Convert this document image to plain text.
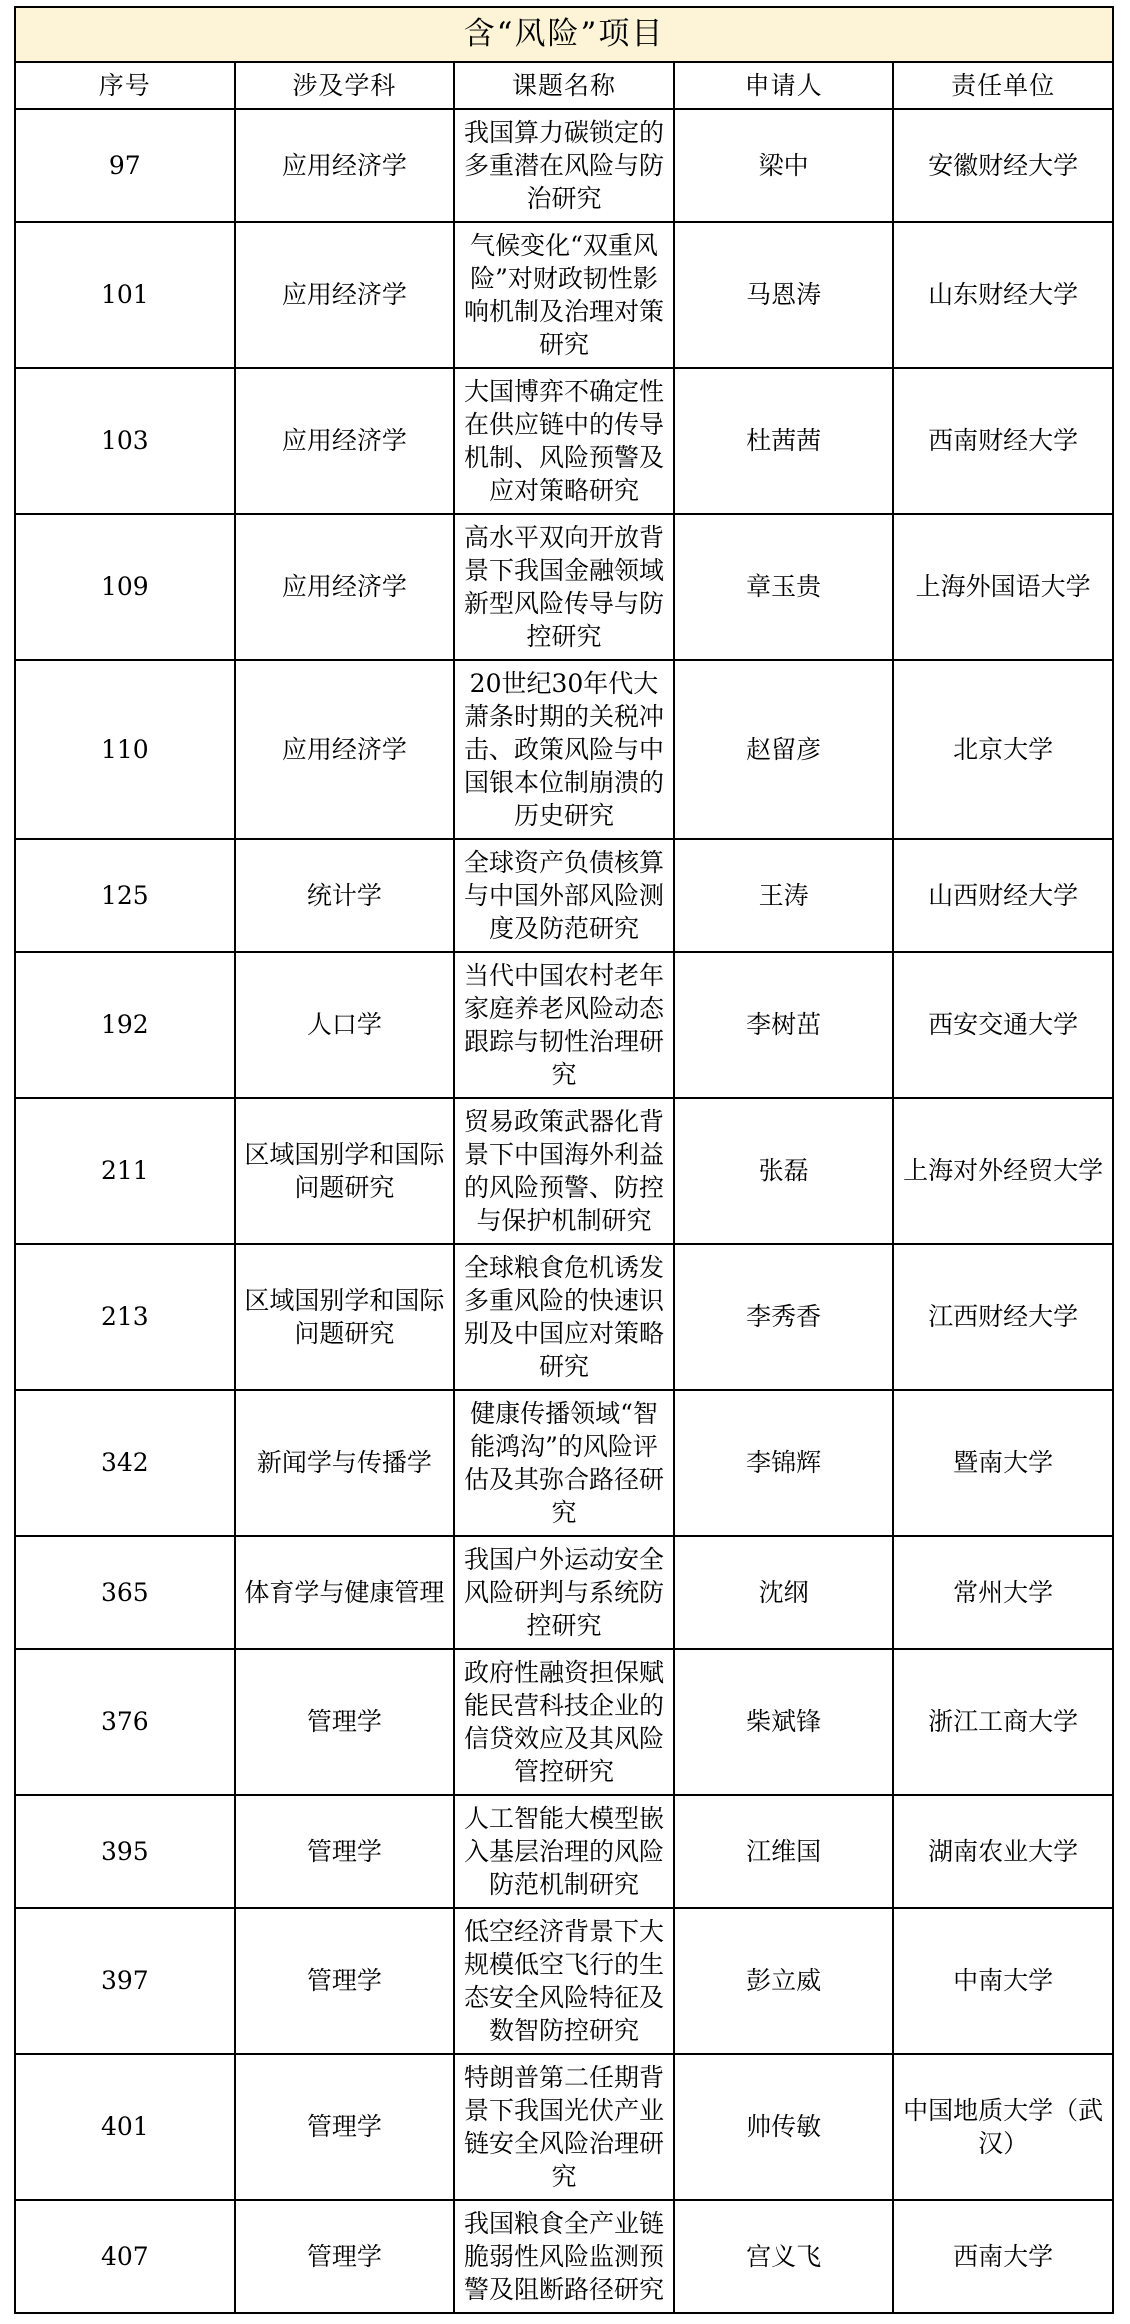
含“风险”项目				
序号	涉及学科	课题名称	申请人	责任单位
97	应用经济学	我国算力碳锁定的多重潜在风险与防治研究	梁中	安徽财经大学
101	应用经济学	气候变化“双重风险”对财政韧性影响机制及治理对策研究	马恩涛	山东财经大学
103	应用经济学	大国博弈不确定性在供应链中的传导机制、风险预警及应对策略研究	杜茜茜	西南财经大学
109	应用经济学	高水平双向开放背景下我国金融领域新型风险传导与防控研究	章玉贵	上海外国语大学
110	应用经济学	20世纪30年代大萧条时期的关税冲击、政策风险与中国银本位制崩溃的历史研究	赵留彦	北京大学
125	统计学	全球资产负债核算与中国外部风险测度及防范研究	王涛	山西财经大学
192	人口学	当代中国农村老年家庭养老风险动态跟踪与韧性治理研究	李树茁	西安交通大学
211	区域国别学和国际问题研究	贸易政策武器化背景下中国海外利益的风险预警、防控与保护机制研究	张磊	上海对外经贸大学
213	区域国别学和国际问题研究	全球粮食危机诱发多重风险的快速识别及中国应对策略研究	李秀香	江西财经大学
342	新闻学与传播学	健康传播领域“智能鸿沟”的风险评估及其弥合路径研究	李锦辉	暨南大学
365	体育学与健康管理	我国户外运动安全风险研判与系统防控研究	沈纲	常州大学
376	管理学	政府性融资担保赋能民营科技企业的信贷效应及其风险管控研究	柴斌锋	浙江工商大学
395	管理学	人工智能大模型嵌入基层治理的风险防范机制研究	江维国	湖南农业大学
397	管理学	低空经济背景下大规模低空飞行的生态安全风险特征及数智防控研究	彭立威	中南大学
401	管理学	特朗普第二任期背景下我国光伏产业链安全风险治理研究	帅传敏	中国地质大学（武汉）
407	管理学	我国粮食全产业链脆弱性风险监测预警及阻断路径研究	宫义飞	西南大学
